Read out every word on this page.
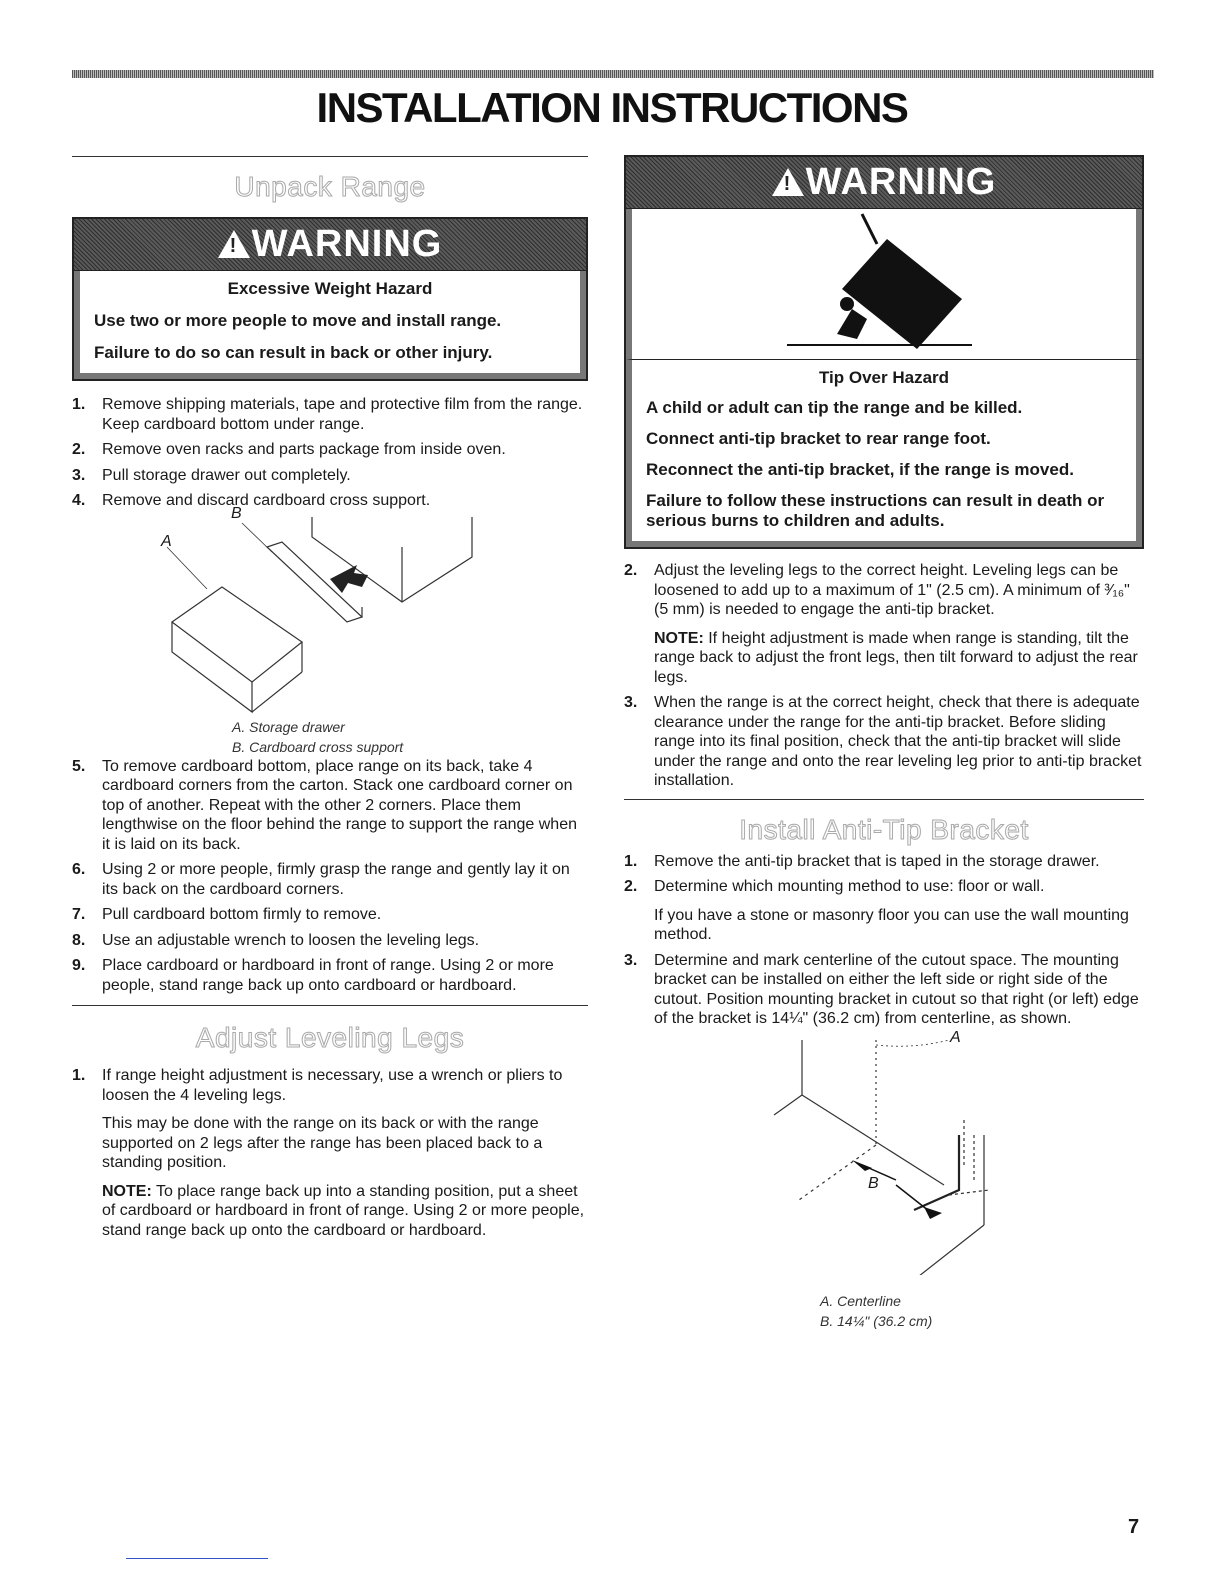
INSTALLATION INSTRUCTIONS
Unpack Range
!WARNING

Excessive Weight Hazard

Use two or more people to move and install range.

Failure to do so can result in back or other injury.

1.	Remove shipping materials, tape and protective film from the range. Keep cardboard bottom under range.

2.	Remove oven racks and parts package from inside oven.

3.	Pull storage drawer out completely.

4.	Remove and discard cardboard cross support.

B
A
A. Storage drawer
B. Cardboard cross support
5.	To remove cardboard bottom, place range on its back, take 4 cardboard corners from the carton. Stack one cardboard corner on top of another. Repeat with the other 2 corners. Place them lengthwise on the floor behind the range to support the range when it is laid on its back.

6.	Using 2 or more people, firmly grasp the range and gently lay it on its back on the cardboard corners.

7.	Pull cardboard bottom firmly to remove.

8.	Use an adjustable wrench to loosen the leveling legs.

9.	Place cardboard or hardboard in front of range. Using 2 or more people, stand range back up onto cardboard or hardboard.

Adjust Leveling Legs
1.	If range height adjustment is necessary, use a wrench or pliers to loosen the 4 leveling legs.

This may be done with the range on its back or with the range supported on 2 legs after the range has been placed back to a standing position.

NOTE: To place range back up into a standing position, put a sheet of cardboard or hardboard in front of range. Using 2 or more people, stand range back up onto the cardboard or hardboard.

!WARNING

Tip Over Hazard

A child or adult can tip the range and be killed.

Connect anti-tip bracket to rear range foot.

Reconnect the anti-tip bracket, if the range is moved.

Failure to follow these instructions can result in death or serious burns to children and adults.

2.	Adjust the leveling legs to the correct height. Leveling legs can be loosened to add up to a maximum of 1" (2.5 cm). A minimum of ³⁄₁₆" (5 mm) is needed to engage the anti-tip bracket.

NOTE: If height adjustment is made when range is standing, tilt the range back to adjust the front legs, then tilt forward to adjust the rear legs.

3.	When the range is at the correct height, check that there is adequate clearance under the range for the anti-tip bracket. Before sliding range into its final position, check that the anti-tip bracket will slide under the range and onto the rear leveling leg prior to anti-tip bracket installation.

Install Anti-Tip Bracket
1.	Remove the anti-tip bracket that is taped in the storage drawer.

2.	Determine which mounting method to use: floor or wall.

If you have a stone or masonry floor you can use the wall mounting method.

3.	Determine and mark centerline of the cutout space. The mounting bracket can be installed on either the left side or right side of the cutout. Position mounting bracket in cutout so that right (or left) edge of the bracket is 14¼" (36.2 cm) from centerline, as shown.

A
B
A. Centerline
B. 14¼" (36.2 cm)
7
